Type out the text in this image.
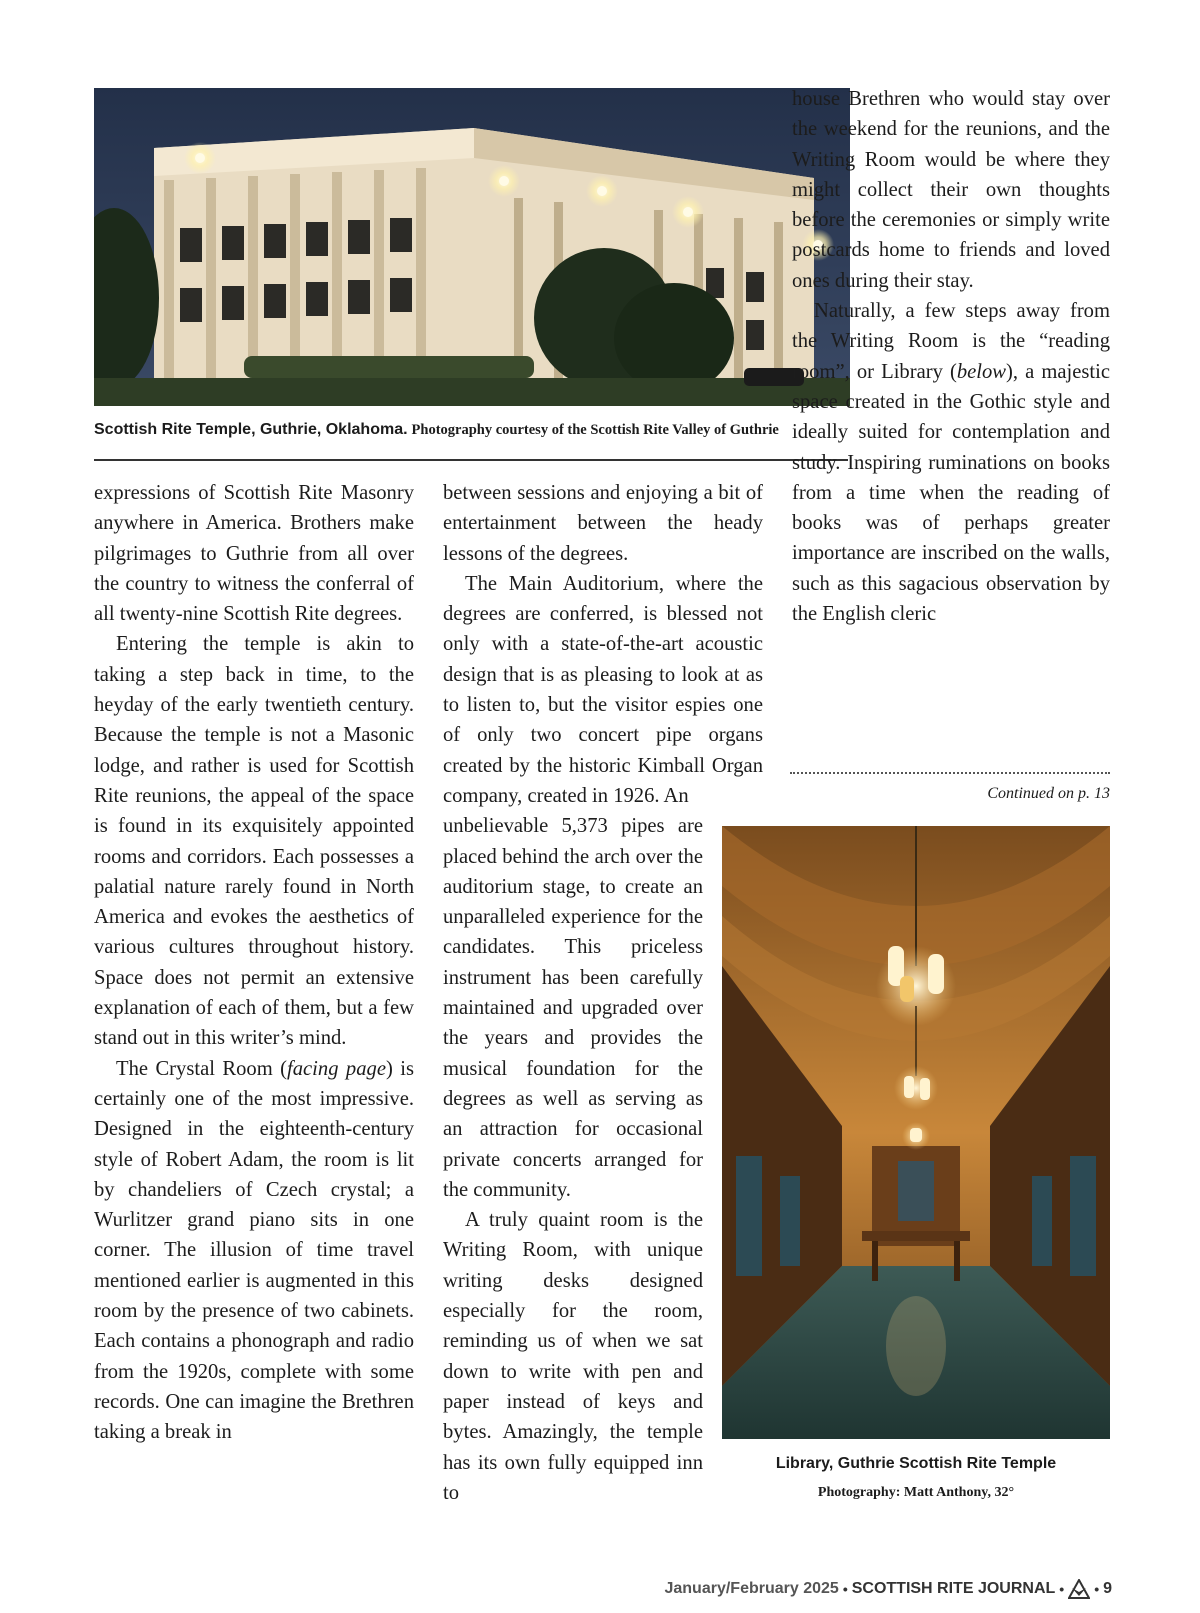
Scottish Rite Temple, Guthrie, Oklahoma. Photography courtesy of the Scottish Rite Valley of Guthrie

expressions of Scottish Rite Masonry anywhere in America. Brothers make pilgrimages to Guthrie from all over the country to witness the conferral of all twenty-nine Scottish Rite degrees.

Entering the temple is akin to taking a step back in time, to the heyday of the early twentieth century. Because the temple is not a Masonic lodge, and rather is used for Scottish Rite reunions, the appeal of the space is found in its exquisitely appointed rooms and corridors. Each possesses a palatial nature rarely found in North America and evokes the aesthetics of various cultures throughout history. Space does not permit an extensive explanation of each of them, but a few stand out in this writer’s mind.

The Crystal Room (facing page) is certainly one of the most impressive. Designed in the eighteenth-century style of Robert Adam, the room is lit by chandeliers of Czech crystal; a Wurlitzer grand piano sits in one corner. The illusion of time travel mentioned earlier is augmented in this room by the presence of two cabinets. Each contains a phonograph and radio from the 1920s, complete with some records. One can imagine the Brethren taking a break in

between sessions and enjoying a bit of entertainment between the heady lessons of the degrees.

The Main Auditorium, where the degrees are conferred, is blessed not only with a state-of-the-art acoustic design that is as pleasing to look at as to listen to, but the visitor espies one of only two concert pipe organs created by the historic Kimball Organ company, created in 1926. An

unbelievable 5,373 pipes are placed behind the arch over the auditorium stage, to create an unparalleled experience for the candidates. This priceless instrument has been carefully maintained and upgraded over the years and provides the musical foundation for the degrees as well as serving as an attraction for occasional private concerts arranged for the community.

A truly quaint room is the Writing Room, with unique writing desks designed especially for the room, reminding us of when we sat down to write with pen and paper instead of keys and bytes. Amazingly, the temple has its own fully equipped inn to

house Brethren who would stay over the weekend for the reunions, and the Writing Room would be where they might collect their own thoughts before the ceremonies or simply write postcards home to friends and loved ones during their stay.

Naturally, a few steps away from the Writing Room is the “reading room”, or Library (below), a majestic space created in the Gothic style and ideally suited for contemplation and study. Inspiring ruminations on books from a time when the reading of books was of perhaps greater importance are inscribed on the walls, such as this sagacious observation by the English cleric

Continued on p. 13
Library, Guthrie Scottish Rite Temple
Photography: Matt Anthony, 32°
January/February 2025 • SCOTTISH RITE JOURNAL • • 9
